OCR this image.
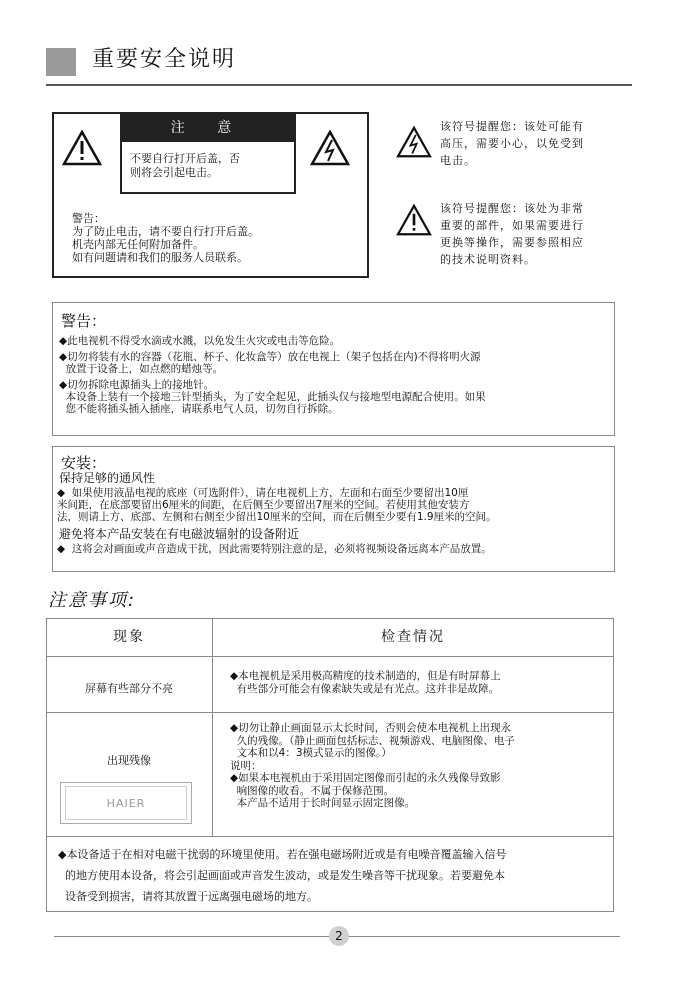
重要安全说明
注 意
不要自行打开后盖，否
则将会引起电击。
警告：
为了防止电击，请不要自行打开后盖。
机壳内部无任何附加备件。
如有问题请和我们的服务人员联系。
该符号提醒您：该处可能有
高压，需要小心，以免受到
电击。
该符号提醒您：该处为非常
重要的部件，如果需要进行
更换等操作，需要参照相应
的技术说明资料。
警告：
◆此电视机不得受水滴或水溅，以免发生火灾或电击等危险。
◆切勿将装有水的容器（花瓶、杯子、化妆盒等）放在电视上（架子包括在内)不得将明火源
放置于设备上，如点燃的蜡烛等。
◆切勿拆除电源插头上的接地针。
本设备上装有一个接地三针型插头，为了安全起见，此插头仅与接地型电源配合使用。如果
您不能将插头插入插座，请联系电气人员，切勿自行拆除。
安装：
保持足够的通风性
◆  如果使用液晶电视的底座（可选附件），请在电视机上方，左面和右面至少要留出10厘
米间距，在底部要留出6厘米的间距，在后侧至少要留出7厘米的空间。若使用其他安装方
法，则请上方、底部、左侧和右侧至少留出10厘米的空间，而在后侧至少要有1.9厘米的空间。
避免将本产品安装在有电磁波辐射的设备附近
◆  这将会对画面或声音造成干扰，因此需要特别注意的是，必须将视频设备远离本产品放置。
注意事项:
现象	检查情况
屏幕有些部分不亮
◆本电视机是采用极高精度的技术制造的，但是有时屏幕上
有些部分可能会有像素缺失或是有光点。这并非是故障。
出现残像
HAIER
◆切勿让静止画面显示太长时间，否则会使本电视机上出现永
久的残像。（静止画面包括标志、视频游戏、电脑图像、电子
文本和以4：3模式显示的图像。）
说明：
◆如果本电视机由于采用固定图像而引起的永久残像导致影
响图像的收看。不属于保修范围。
本产品不适用于长时间显示固定图像。
◆本设备适于在相对电磁干扰弱的环境里使用。若在强电磁场附近或是有电噪音覆盖输入信号
的地方使用本设备，将会引起画面或声音发生波动，或是发生噪音等干扰现象。若要避免本
设备受到损害，请将其放置于远离强电磁场的地方。
2
